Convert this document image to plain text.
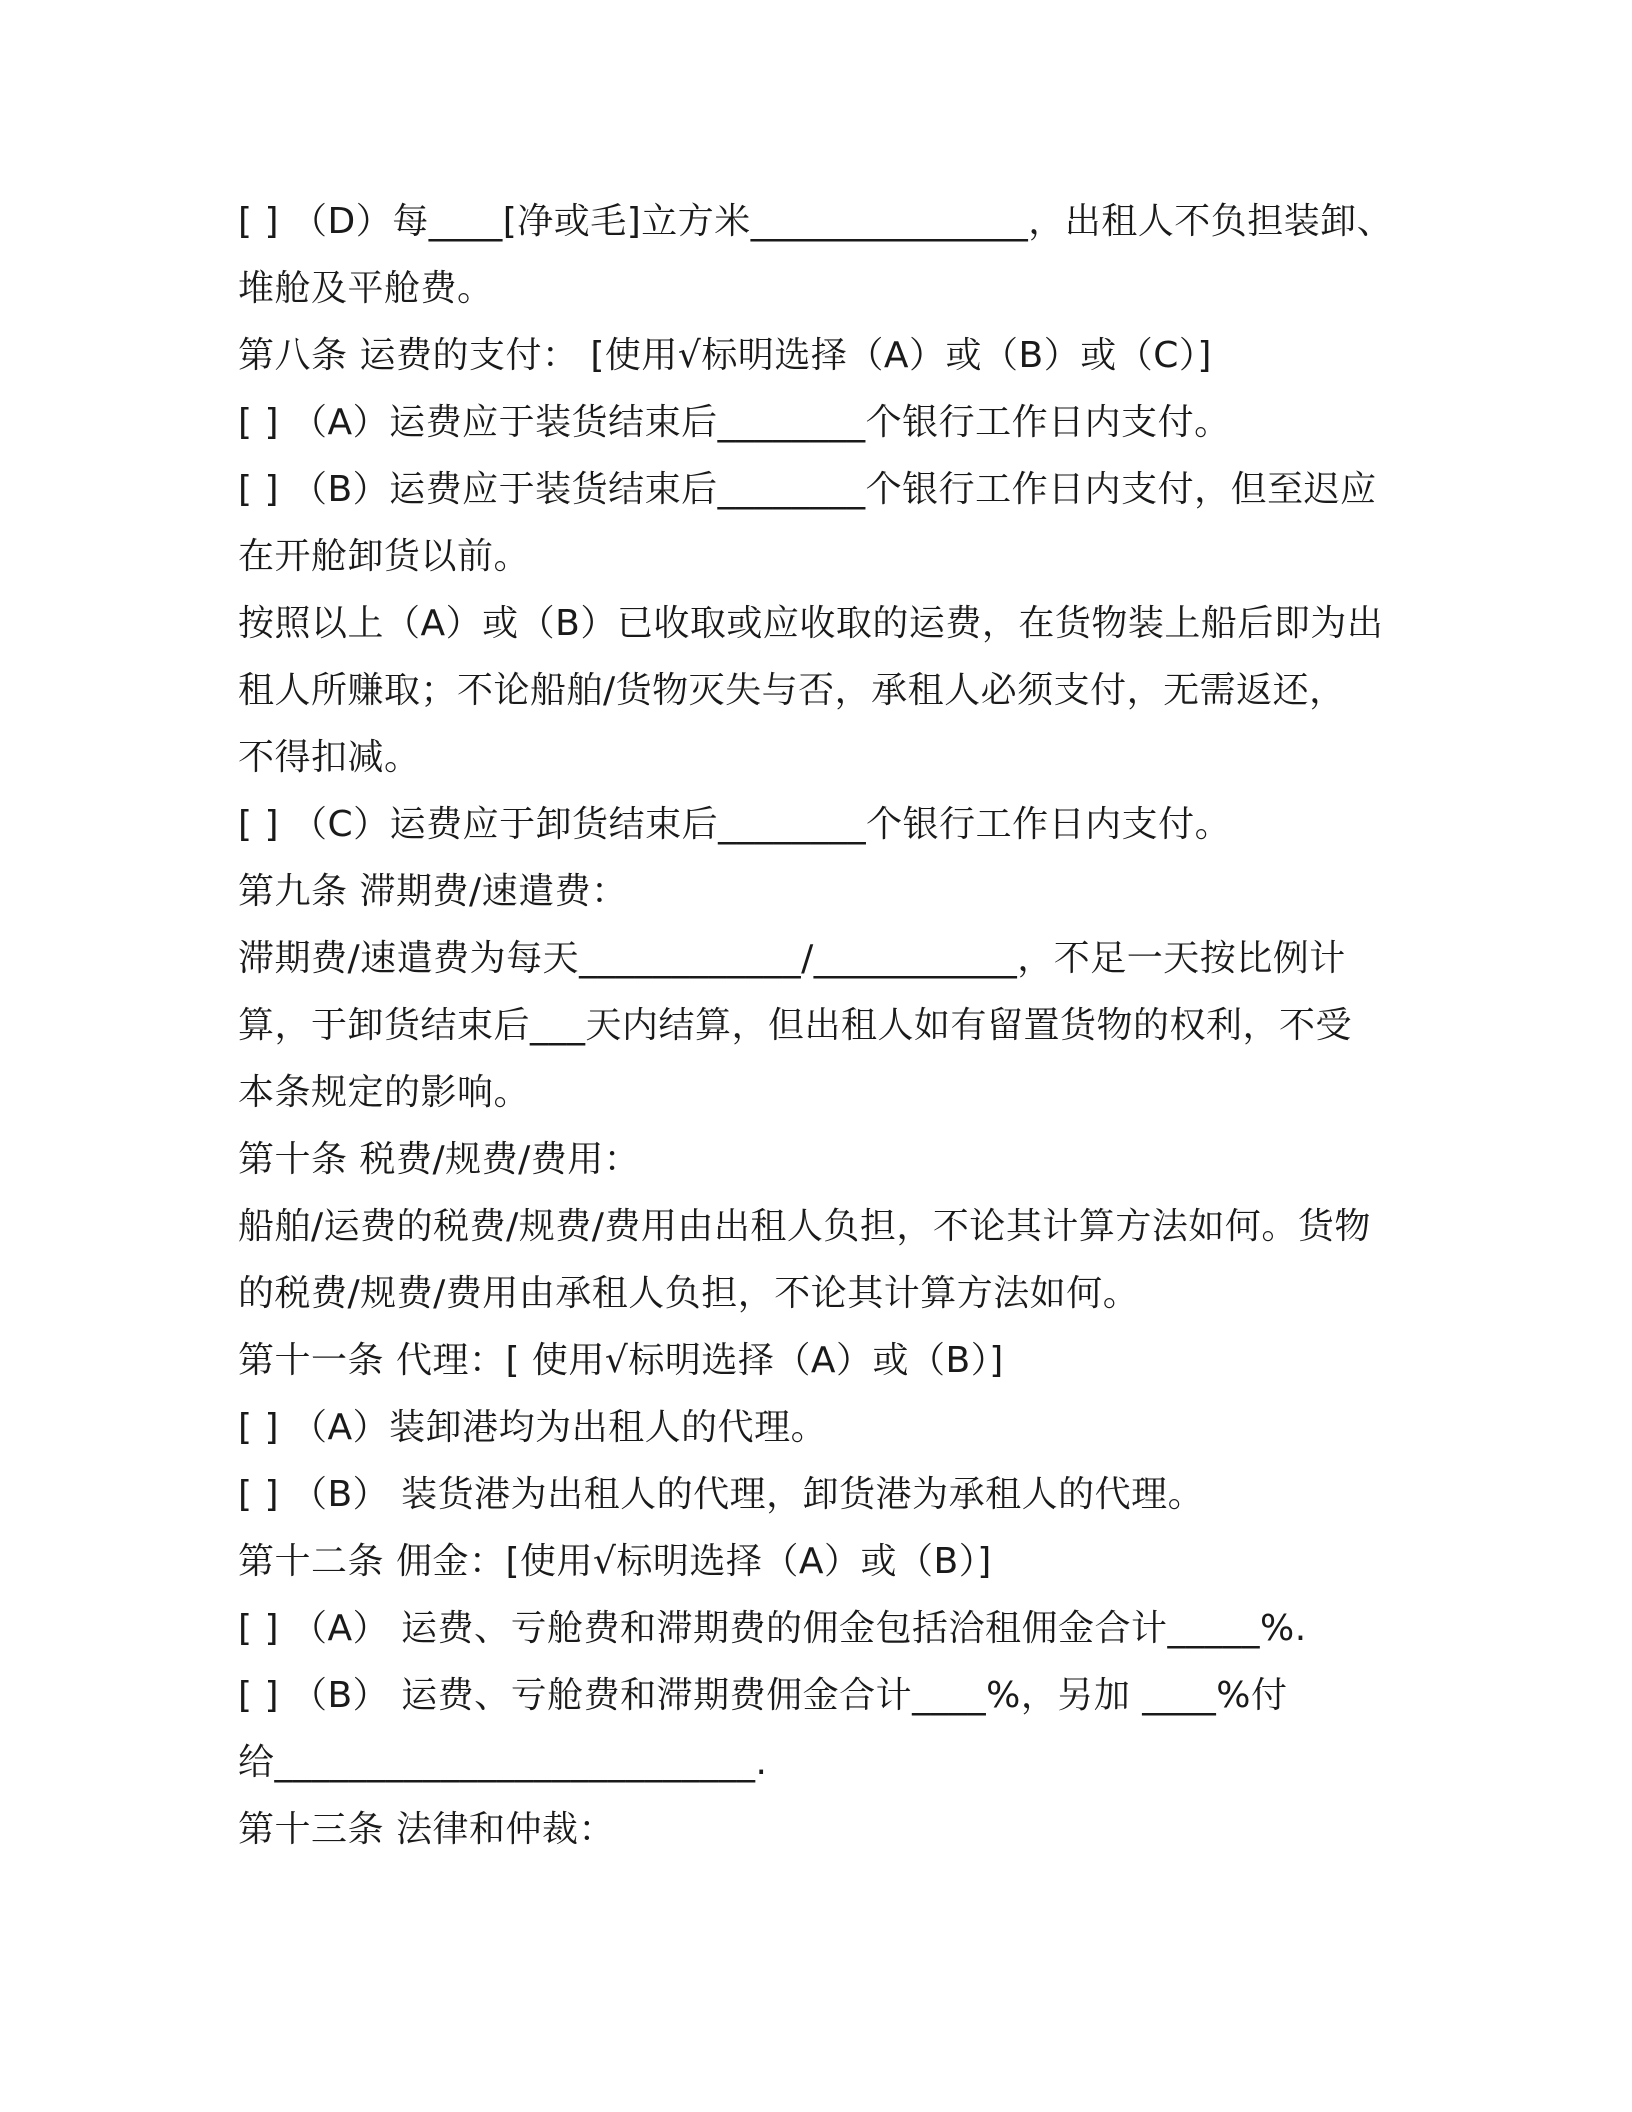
[ ] （D）每____[净或毛]立方米_______________，出租人不负担装卸、
堆舱及平舱费。
第八条 运费的支付： [使用√标明选择（A）或（B）或（C）]
[ ] （A）运费应于装货结束后________个银行工作日内支付。
[ ] （B）运费应于装货结束后________个银行工作日内支付，但至迟应
在开舱卸货以前。
按照以上（A）或（B）已收取或应收取的运费，在货物装上船后即为出
租人所赚取；不论船舶/货物灭失与否，承租人必须支付，无需返还，
不得扣减。
[ ] （C）运费应于卸货结束后________个银行工作日内支付。
第九条 滞期费/速遣费：
滞期费/速遣费为每天____________/___________，不足一天按比例计
算，于卸货结束后___天内结算，但出租人如有留置货物的权利，不受
本条规定的影响。
第十条 税费/规费/费用：
船舶/运费的税费/规费/费用由出租人负担，不论其计算方法如何。货物
的税费/规费/费用由承租人负担，不论其计算方法如何。
第十一条 代理：[ 使用√标明选择（A）或（B）]
[ ] （A）装卸港均为出租人的代理。
[ ] （B） 装货港为出租人的代理，卸货港为承租人的代理。
第十二条 佣金：[使用√标明选择（A）或（B）]
[ ] （A） 运费、亏舱费和滞期费的佣金包括洽租佣金合计_____%.
[ ] （B） 运费、亏舱费和滞期费佣金合计____%，另加 ____%付
给__________________________.
第十三条 法律和仲裁：
